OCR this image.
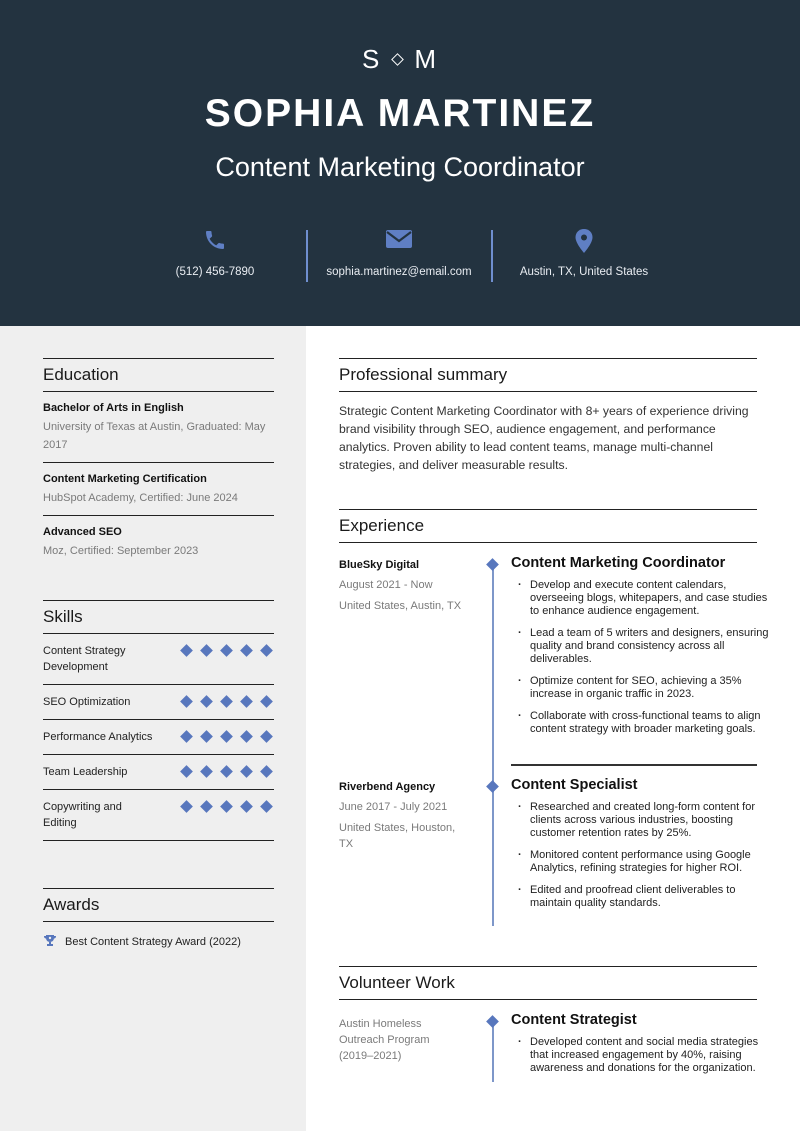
S M
SOPHIA MARTINEZ
Content Marketing Coordinator
(512) 456-7890	sophia.martinez@email.com	Austin, TX, United States
Education
Bachelor of Arts in English
University of Texas at Austin, Graduated: May 2017
Content Marketing Certification
HubSpot Academy, Certified: June 2024
Advanced SEO
Moz, Certified: September 2023
Skills
Content Strategy Development
SEO Optimization
Performance Analytics
Team Leadership
Copywriting and Editing
Awards
Best Content Strategy Award (2022)
Professional summary
Strategic Content Marketing Coordinator with 8+ years of experience driving brand visibility through SEO, audience engagement, and performance analytics. Proven ability to lead content teams, manage multi-channel strategies, and deliver measurable results.
Experience
BlueSky Digital
August 2021 - Now
United States, Austin, TX
Content Marketing Coordinator
· Develop and execute content calendars, overseeing blogs, whitepapers, and case studies to enhance audience engagement.
· Lead a team of 5 writers and designers, ensuring quality and brand consistency across all deliverables.
· Optimize content for SEO, achieving a 35% increase in organic traffic in 2023.
· Collaborate with cross-functional teams to align content strategy with broader marketing goals.
Riverbend Agency
June 2017 - July 2021
United States, Houston, TX
Content Specialist
· Researched and created long-form content for clients across various industries, boosting customer retention rates by 25%.
· Monitored content performance using Google Analytics, refining strategies for higher ROI.
· Edited and proofread client deliverables to maintain quality standards.
Volunteer Work
Austin Homeless Outreach Program (2019–2021)
Content Strategist
· Developed content and social media strategies that increased engagement by 40%, raising awareness and donations for the organization.
